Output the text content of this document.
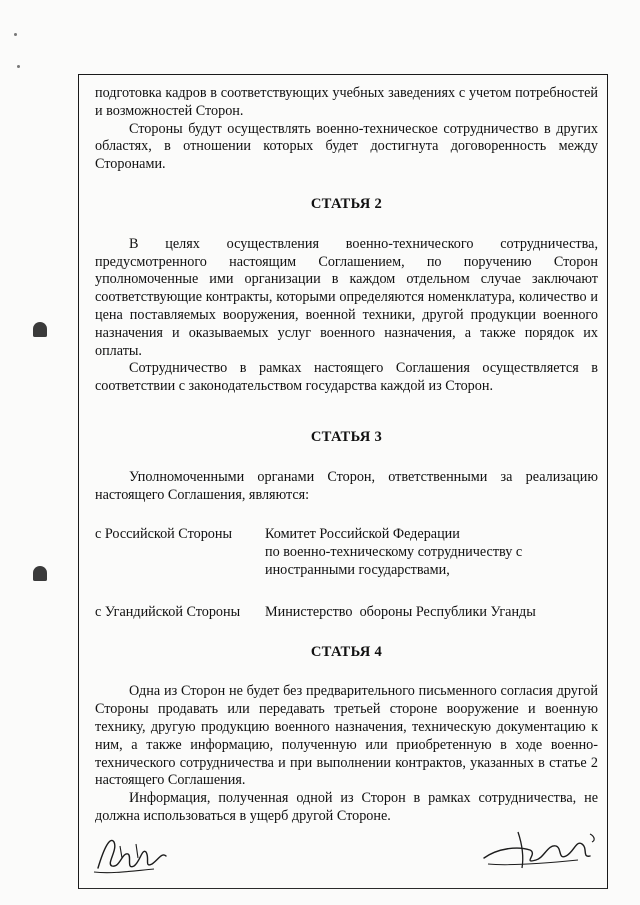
подготовка кадров в соответствующих учебных заведениях с учетом потребностей и возможностей Сторон.

Стороны будут осуществлять военно-техническое сотрудничество в других областях, в отношении которых будет достигнута договоренность между Сторонами.

СТАТЬЯ 2

В целях осуществления военно-технического сотрудничества, предусмотренного настоящим Соглашением, по поручению Сторон уполномоченные ими организации в каждом отдельном случае заключают соответствующие контракты, которыми определяются номенклатура, количество и цена поставляемых вооружения, военной техники, другой продукции военного назначения и оказываемых услуг военного назначения, а также порядок их оплаты.

Сотрудничество в рамках настоящего Соглашения осуществляется в соответствии с законодательством государства каждой из Сторон.

СТАТЬЯ 3

Уполномоченными органами Сторон, ответственными за реализацию настоящего Соглашения, являются:

с Российской Стороны	Комитет Российской Федерации
по военно-техническому сотрудничеству с
иностранными государствами,
с Угандийской Стороны	Министерство  обороны Республики Уганды
СТАТЬЯ 4

Одна из Сторон не будет без предварительного письменного согласия другой Стороны продавать или передавать третьей стороне вооружение и военную технику, другую продукцию военного назначения, техническую документацию к ним, а также информацию, полученную или приобретенную в ходе военно-технического сотрудничества и при выполнении контрактов, указанных в статье 2 настоящего Соглашения.

Информация, полученная одной из Сторон в рамках сотрудничества, не должна использоваться в ущерб другой Стороне.
